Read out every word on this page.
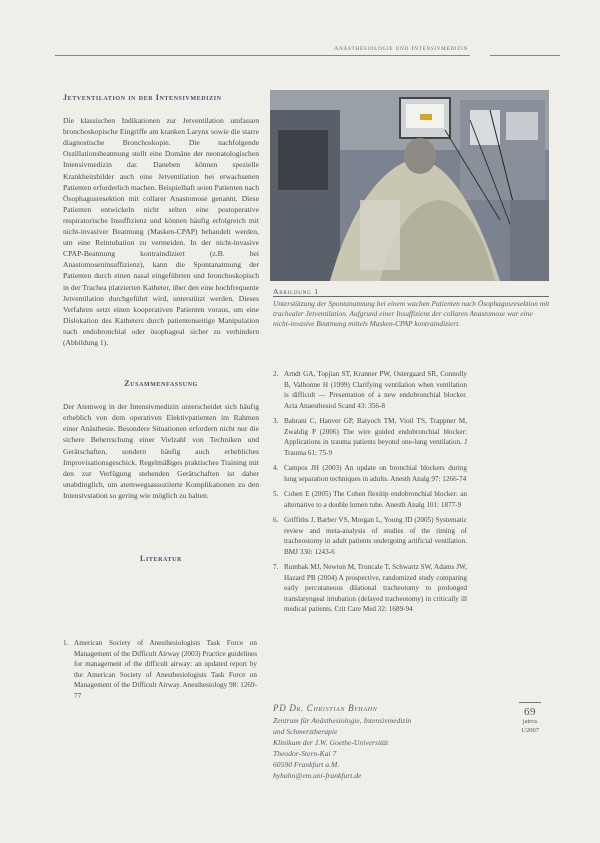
Anästhesiologie und Intensivmedizin
Jetventilation in der Intensivmedizin

Die klassischen Indikationen zur Jetventilation umfassen bronchoskopische Eingriffe am kranken Larynx sowie die starre diagnostische Bronchoskopie. Die nachfolgende Oszillationsbeatmung stellt eine Domäne der neonatologischen Intensivmedizin dar. Daneben können spezielle Krankheitsbilder auch eine Jetventilation bei erwachsenen Patienten erforderlich machen. Beispielhaft seien Patienten nach Ösophagusresektion mit collarer Anastomose genannt. Diese Patienten entwickeln nicht selten eine postoperative respiratorische Insuffizienz und können häufig erfolgreich mit nicht-invasiver Beatmung (Masken-CPAP) behandelt werden, um eine Reintubation zu vermeiden. In der nicht-invasive CPAP-Beatmung kontraindiziert (z.B. bei Anastomoseninsuffizienz), kann die Spontanatmung der Patienten durch einen nasal eingeführten und bronchoskopisch in der Trachea platzierten Katheter, über den eine hochfrequente Jetventilation durchgeführt wird, unterstützt werden. Dieses Verfahren setzt einen kooperativen Patienten voraus, um eine Dislokation des Katheters durch patientenseitige Manipulation nach endobronchial oder ösophageal sicher zu verhindern (Abbildung 1).

Zusammenfassung

Der Atemweg in der Intensivmedizin unterscheidet sich häufig erheblich von dem operativen Elektivpatienten im Rahmen einer Anästhesie. Besondere Situationen erfordern nicht nur die sichere Beherrschung einer Vielzahl von Techniken und Gerätschaften, sondern häufig auch erhebliches Improvisationsgeschick. Regelmäßiges praktisches Training mit den zur Verfügung stehenden Gerätschaften ist daher unabdinglich, um atemwegsassoziierte Komplikationen zu den Intensivstation so gering wie möglich zu halten.

Literatur
1. American Society of Anesthesiologists Task Force on Management of the Difficult Airway (2003) Practice guidelines for management of the difficult airway: an updated report by the American Society of Anesthesiologists Task Force on Management of the Difficult Airway. Anesthesiology 98: 1269-77
Abbildung 1
Unterstützung der Spontanatmung bei einem wachen Patienten nach Ösophagusresektion mit trachealer Jetventilation. Aufgrund einer Insuffizienz der collaren Anastomose war eine nicht-invasive Beatmung mittels Masken-CPAP kontraindiziert.
2. Arndt GA, Topjian ST, Kranner PW, Ostergaard SR, Connolly B, Valbonne H (1999) Clarifying ventilation when ventilation is difficult — Presentation of a new endobronchial blocker. Acta Anaesthesiol Scand 43: 356-8
3. Bahrani C, Hanver GP, Baiyoch TM, Vioil TS, Trappner M, Zwaldig P (2006) The wire guided endobronchial blocker: Applications in trauma patients beyond one-lung ventilation. J Trauma 61: 75-9
4. Campos JH (2003) An update on bronchial blockers during lung separation techniques in adults. Anesth Analg 97: 1266-74
5. Cohen E (2005) The Cohen flexitip endobronchial blocker: an alternative to a double lumen tube. Anesth Analg 101: 1877-9
6. Griffiths J, Barber VS, Morgan L, Young JD (2005) Systematic review and meta-analysis of studies of the timing of tracheostomy in adult patients undergoing artificial ventilation. BMJ 330: 1243-6
7. Rumbak MJ, Newton M, Truncale T, Schwartz SW, Adams JW, Hazard PB (2004) A prospective, randomized study comparing early percutaneous dilational tracheotomy to prolonged translaryngeal intubation (delayed tracheotomy) in critically ill medical patients. Crit Care Med 32: 1689-94
PD Dr. Christian Byhahn
Zentrum für Anästhesiologie, Intensivmedizin
und Schmerztherapie
Klinikum der J.W. Goethe-Universität
Theodor-Stern-Kai 7
60590 Frankfurt a.M.
byhahn@em.uni-frankfurt.de
69
jatros
1/2007
